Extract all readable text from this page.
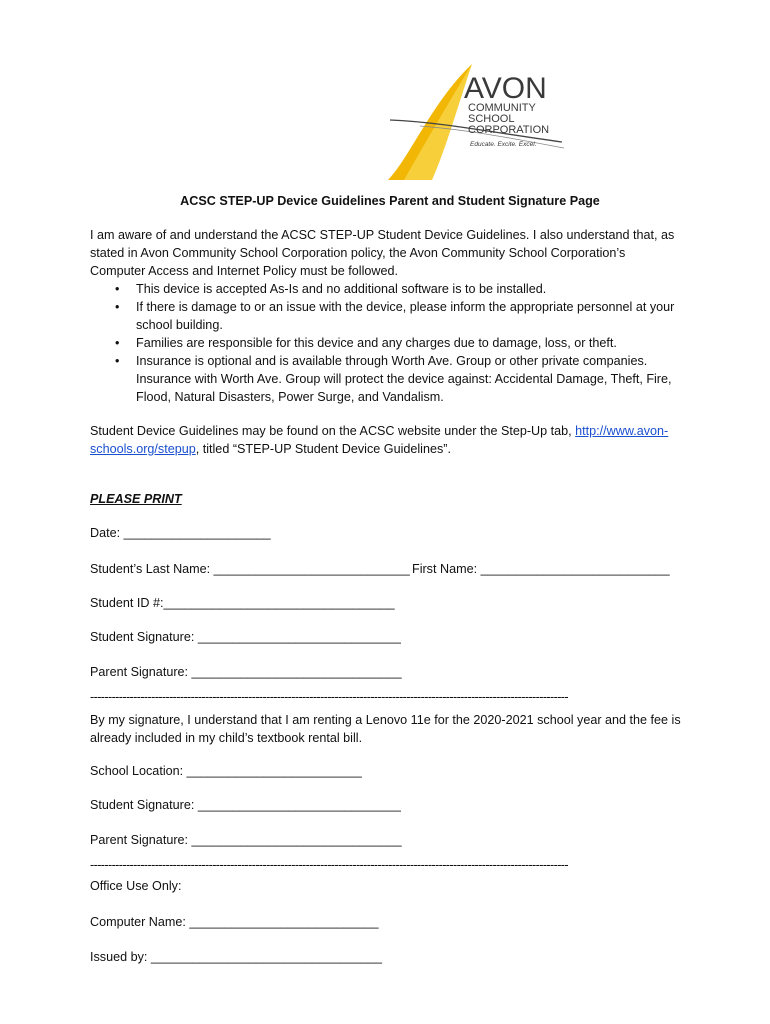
AVON
COMMUNITY
SCHOOL
CORPORATION
Educate. Excite. Excel.
ACSC STEP-UP Device Guidelines Parent and Student Signature Page

I am aware of and understand the ACSC STEP-UP Student Device Guidelines. I also understand that, as stated in Avon Community School Corporation policy, the Avon Community School Corporation’s Computer Access and Internet Policy must be followed.

• This device is accepted As-Is and no additional software is to be installed.
• If there is damage to or an issue with the device, please inform the appropriate personnel at your school building.
• Families are responsible for this device and any charges due to damage, loss, or theft.
• Insurance is optional and is available through Worth Ave. Group or other private companies. Insurance with Worth Ave. Group will protect the device against: Accidental Damage, Theft, Fire, Flood, Natural Disasters, Power Surge, and Vandalism.

Student Device Guidelines may be found on the ACSC website under the Step-Up tab, http://www.avon-schools.org/stepup, titled “STEP-UP Student Device Guidelines”.

PLEASE PRINT
Date: _____________________
Student’s Last Name: ____________________________ First Name: ___________________________
Student ID #:_________________________________
Student Signature: _____________________________
Parent Signature: ______________________________
-------------------------------------------------------------------------------------------------------------------------------------

By my signature, I understand that I am renting a Lenovo 11e for the 2020-2021 school year and the fee is already included in my child’s textbook rental bill.

School Location: _________________________
Student Signature: _____________________________
Parent Signature: ______________________________
-------------------------------------------------------------------------------------------------------------------------------------
Office Use Only:
Computer Name: ___________________________
Issued by: _________________________________
